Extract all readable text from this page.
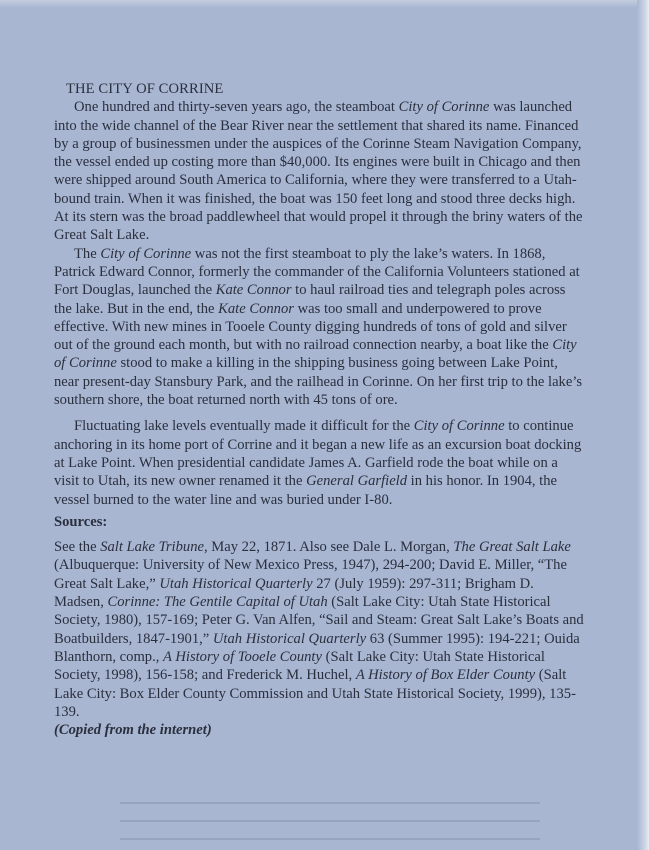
THE CITY OF CORRINE

One hundred and thirty-seven years ago, the steamboat City of Corinne was launched into the wide channel of the Bear River near the settlement that shared its name. Financed by a group of businessmen under the auspices of the Corinne Steam Navigation Company, the vessel ended up costing more than $40,000. Its engines were built in Chicago and then were shipped around South America to California, where they were transferred to a Utah-bound train. When it was finished, the boat was 150 feet long and stood three decks high. At its stern was the broad paddlewheel that would propel it through the briny waters of the Great Salt Lake.

The City of Corinne was not the first steamboat to ply the lake’s waters. In 1868, Patrick Edward Connor, formerly the commander of the California Volunteers stationed at Fort Douglas, launched the Kate Connor to haul railroad ties and telegraph poles across the lake. But in the end, the Kate Connor was too small and underpowered to prove effective. With new mines in Tooele County digging hundreds of tons of gold and silver out of the ground each month, but with no railroad connection nearby, a boat like the City of Corinne stood to make a killing in the shipping business going between Lake Point, near present-day Stansbury Park, and the railhead in Corinne. On her first trip to the lake’s southern shore, the boat returned north with 45 tons of ore.

Fluctuating lake levels eventually made it difficult for the City of Corinne to continue anchoring in its home port of Corrine and it began a new life as an excursion boat docking at Lake Point. When presidential candidate James A. Garfield rode the boat while on a visit to Utah, its new owner renamed it the General Garfield in his honor. In 1904, the vessel burned to the water line and was buried under I-80.

Sources:

See the Salt Lake Tribune, May 22, 1871. Also see Dale L. Morgan, The Great Salt Lake (Albuquerque: University of New Mexico Press, 1947), 294-200; David E. Miller, “The Great Salt Lake,” Utah Historical Quarterly 27 (July 1959): 297-311; Brigham D. Madsen, Corinne: The Gentile Capital of Utah (Salt Lake City: Utah State Historical Society, 1980), 157-169; Peter G. Van Alfen, “Sail and Steam: Great Salt Lake’s Boats and Boatbuilders, 1847-1901,” Utah Historical Quarterly 63 (Summer 1995): 194-221; Ouida Blanthorn, comp., A History of Tooele County (Salt Lake City: Utah State Historical Society, 1998), 156-158; and Frederick M. Huchel, A History of Box Elder County (Salt Lake City: Box Elder County Commission and Utah State Historical Society, 1999), 135-139.

(Copied from the internet)
